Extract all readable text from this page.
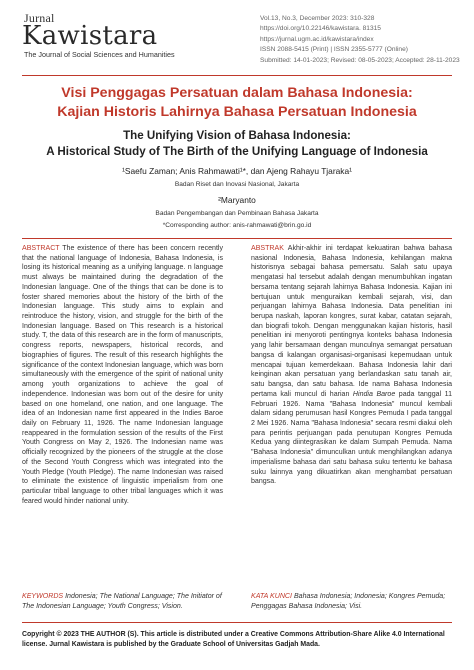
Jurnal
Kawistara
The Journal of Social Sciences and Humanities
Vol.13, No.3, December 2023: 310-328
https://doi.org/10.22146/kawistara. 81315
https://jurnal.ugm.ac.id/kawistara/index
ISSN 2088-5415 (Print) | ISSN 2355-5777 (Online)
Submitted: 14-01-2023; Revised: 08-05-2023; Accepted: 28-11-2023
Visi Penggagas Persatuan dalam Bahasa Indonesia:
Kajian Historis Lahirnya Bahasa Persatuan Indonesia
The Unifying Vision of Bahasa Indonesia:
A Historical Study of The Birth of the Unifying Language of Indonesia
¹Saefu Zaman; Anis Rahmawati¹*, dan Ajeng Rahayu Tjaraka¹
Badan Riset dan Inovasi Nasional, Jakarta
²Maryanto
Badan Pengembangan dan Pembinaan Bahasa Jakarta
*Corresponding author: anis-rahmawati@brin.go.id
ABSTRACT The existence of there has been concern recently that the national language of Indonesia, Bahasa Indonesia, is losing its historical meaning as a unifying language. n language must always be maintained during the degradation of the Indonesian language. One of the things that can be done is to foster shared memories about the history of the birth of the Indonesian language. This study aims to explain and reintroduce the history, vision, and struggle for the birth of the Indonesian language. Based on This research is a historical study. T, the data of this research are in the form of manuscripts, congress reports, newspapers, historical records, and biographies of figures. The result of this research highlights the significance of the context Indonesian language, which was born simultaneously with the emergence of the spirit of national unity among youth organizations to achieve the goal of independence. Indonesian was born out of the desire for unity based on one homeland, one nation, and one language. The idea of an Indonesian name first appeared in the Indies Baroe daily on February 11, 1926. The name Indonesian language reappeared in the formulation session of the results of the First Youth Congress on May 2, 1926. The Indonesian name was officially recognized by the pioneers of the struggle at the close of the Second Youth Congress which was integrated into the Youth Pledge (Youth Pledge). The name Indonesian was raised to eliminate the existence of linguistic imperialism from one particular tribal language to other tribal languages which it was feared would hinder national unity.
ABSTRAK Akhir-akhir ini terdapat kekuatiran bahwa bahasa nasional Indonesia, Bahasa Indonesia, kehilangan makna historisnya sebagai bahasa pemersatu. Salah satu upaya mengatasi hal tersebut adalah dengan menumbuhkan ingatan bersama tentang sejarah lahirnya Bahasa Indonesia. Kajian ini bertujuan untuk menguraikan kembali sejarah, visi, dan perjuangan lahirnya Bahasa Indonesia. Data penelitian ini berupa naskah, laporan kongres, surat kabar, catatan sejarah, dan biografi tokoh. Dengan menggunakan kajian historis, hasil penelitian ini menyoroti pentingnya konteks bahasa Indonesia yang lahir bersamaan dengan munculnya semangat persatuan bangsa di kalangan organisasi-organisasi kepemudaan untuk mencapai tujuan kemerdekaan. Bahasa Indonesia lahir dari keinginan akan persatuan yang berlandaskan satu tanah air, satu bangsa, dan satu bahasa. Ide nama Bahasa Indonesia pertama kali muncul di harian Hindia Baroe pada tanggal 11 Februari 1926. Nama "Bahasa Indonesia" muncul kembali dalam sidang perumusan hasil Kongres Pemuda I pada tanggal 2 Mei 1926. Nama "Bahasa Indonesia" secara resmi diakui oleh para perintis perjuangan pada penutupan Kongres Pemuda Kedua yang diintegrasikan ke dalam Sumpah Pemuda. Nama "Bahasa Indonesia" dimunculkan untuk menghilangkan adanya imperialisme bahasa dari satu bahasa suku tertentu ke bahasa suku lainnya yang dikuatirkan akan menghambat persatuan bangsa.
KEYWORDS Indonesia; The National Language; The Initiator of The Indonesian Language; Youth Congress; Vision.
KATA KUNCI Bahasa Indonesia; Indonesia; Kongres Pemuda; Penggagas Bahasa Indonesia; Visi.
Copyright © 2023 THE AUTHOR (S). This article is distributed under a Creative Commons Attribution-Share Alike 4.0 International
license. Jurnal Kawistara is published by the Graduate School of Universitas Gadjah Mada.
